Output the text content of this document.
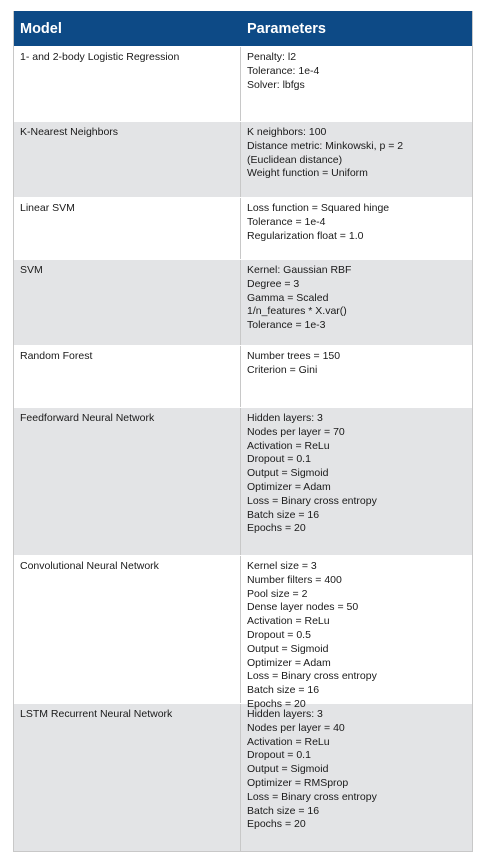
Model	Parameters
1- and 2-body Logistic Regression	Penalty: l2
Tolerance: 1e-4
Solver: lbfgs
K-Nearest Neighbors	K neighbors: 100
Distance metric: Minkowski, p = 2
(Euclidean distance)
Weight function = Uniform
Linear SVM	Loss function = Squared hinge
Tolerance = 1e-4
Regularization float = 1.0
SVM	Kernel: Gaussian RBF
Degree = 3
Gamma = Scaled
1/n_features * X.var()
Tolerance = 1e-3
Random Forest	Number trees = 150
Criterion = Gini
Feedforward Neural Network	Hidden layers: 3
Nodes per layer = 70
Activation = ReLu
Dropout = 0.1
Output = Sigmoid
Optimizer = Adam
Loss = Binary cross entropy
Batch size = 16
Epochs = 20
Convolutional Neural Network	Kernel size = 3
Number filters = 400
Pool size = 2
Dense layer nodes = 50
Activation = ReLu
Dropout = 0.5
Output = Sigmoid
Optimizer = Adam
Loss = Binary cross entropy
Batch size = 16
Epochs = 20
LSTM Recurrent Neural Network	Hidden layers: 3
Nodes per layer = 40
Activation = ReLu
Dropout = 0.1
Output = Sigmoid
Optimizer = RMSprop
Loss = Binary cross entropy
Batch size = 16
Epochs = 20
